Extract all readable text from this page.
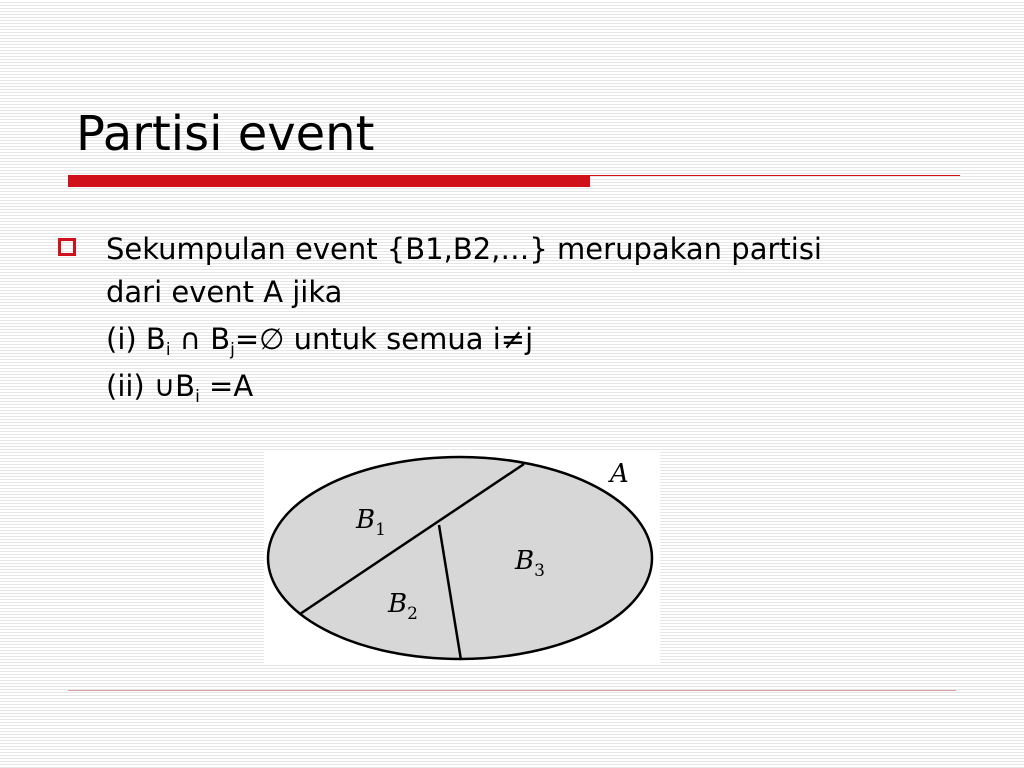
Partisi event
Sekumpulan event {B1,B2,…} merupakan partisi
dari event A jika
(i) $B_i$ ∩ $B_j=\emptyset$ untuk semua i≠j
(ii) $\cup B_i =A$
A
$B_1$
$B_2$
$B_3$
